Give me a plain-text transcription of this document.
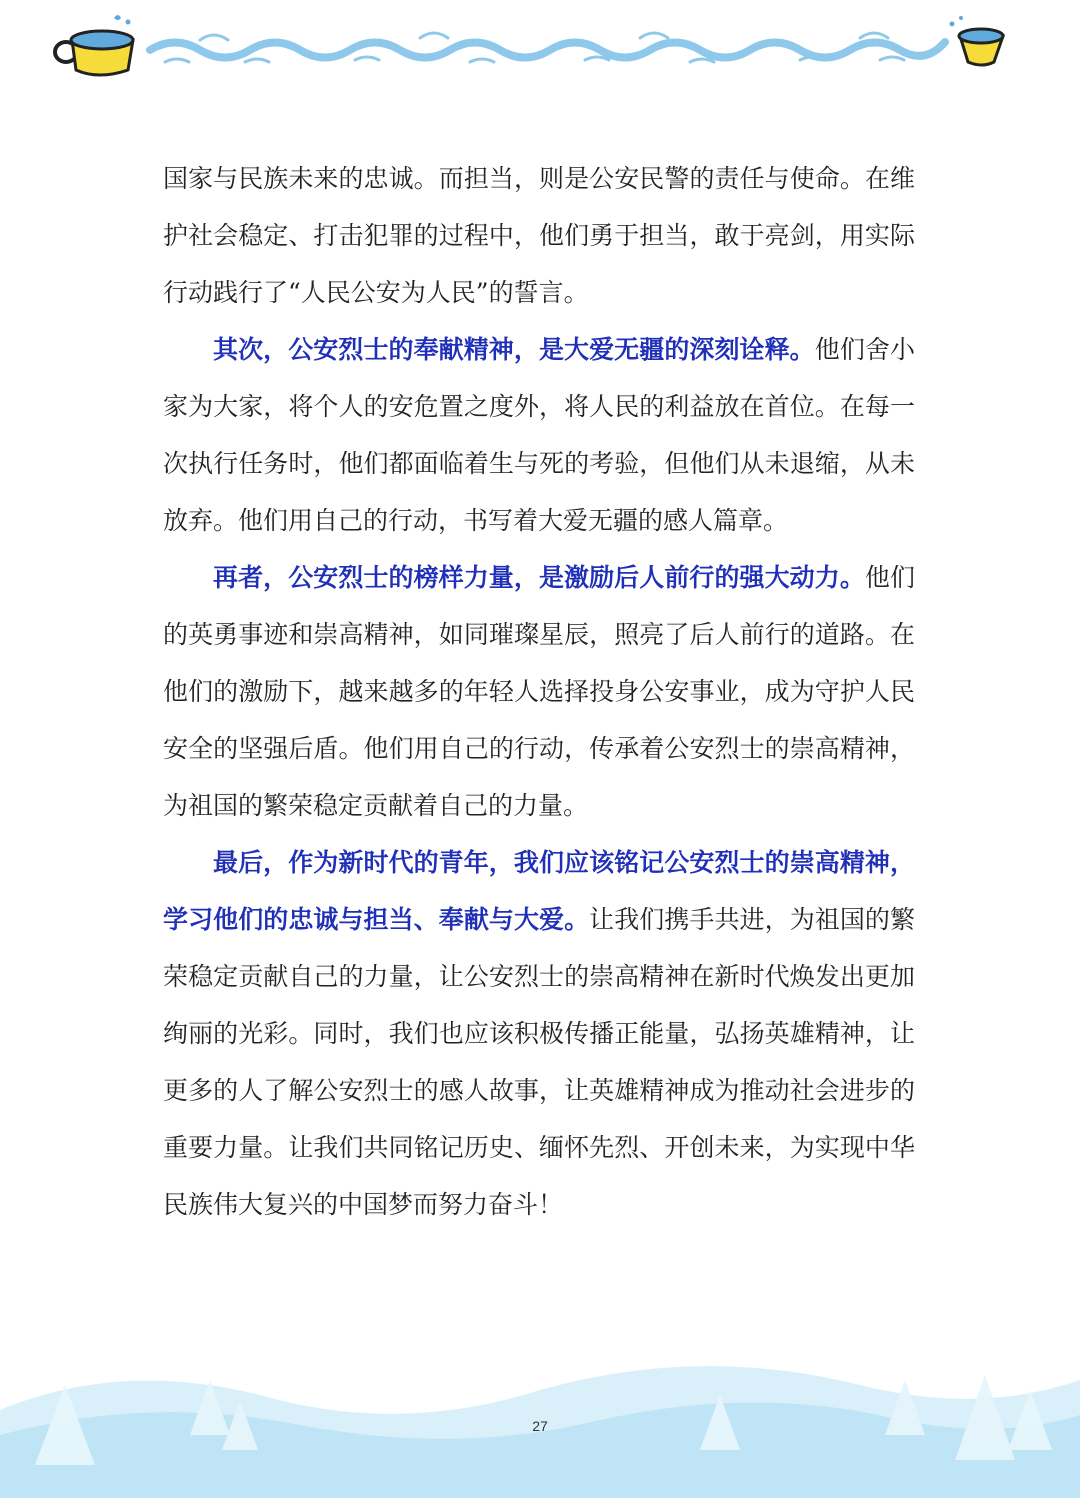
国家与民族未来的忠诚。而担当，则是公安民警的责任与使命。在维护社会稳定、打击犯罪的过程中，他们勇于担当，敢于亮剑，用实际行动践行了“人民公安为人民”的誓言。

其次，公安烈士的奉献精神，是大爱无疆的深刻诠释。他们舍小家为大家，将个人的安危置之度外，将人民的利益放在首位。在每一次执行任务时，他们都面临着生与死的考验，但他们从未退缩，从未放弃。他们用自己的行动，书写着大爱无疆的感人篇章。

再者，公安烈士的榜样力量，是激励后人前行的强大动力。他们的英勇事迹和崇高精神，如同璀璨星辰，照亮了后人前行的道路。在他们的激励下，越来越多的年轻人选择投身公安事业，成为守护人民安全的坚强后盾。他们用自己的行动，传承着公安烈士的崇高精神，为祖国的繁荣稳定贡献着自己的力量。

最后，作为新时代的青年，我们应该铭记公安烈士的崇高精神，学习他们的忠诚与担当、奉献与大爱。让我们携手共进，为祖国的繁荣稳定贡献自己的力量，让公安烈士的崇高精神在新时代焕发出更加绚丽的光彩。同时，我们也应该积极传播正能量，弘扬英雄精神，让更多的人了解公安烈士的感人故事，让英雄精神成为推动社会进步的重要力量。让我们共同铭记历史、缅怀先烈、开创未来，为实现中华民族伟大复兴的中国梦而努力奋斗！

27
